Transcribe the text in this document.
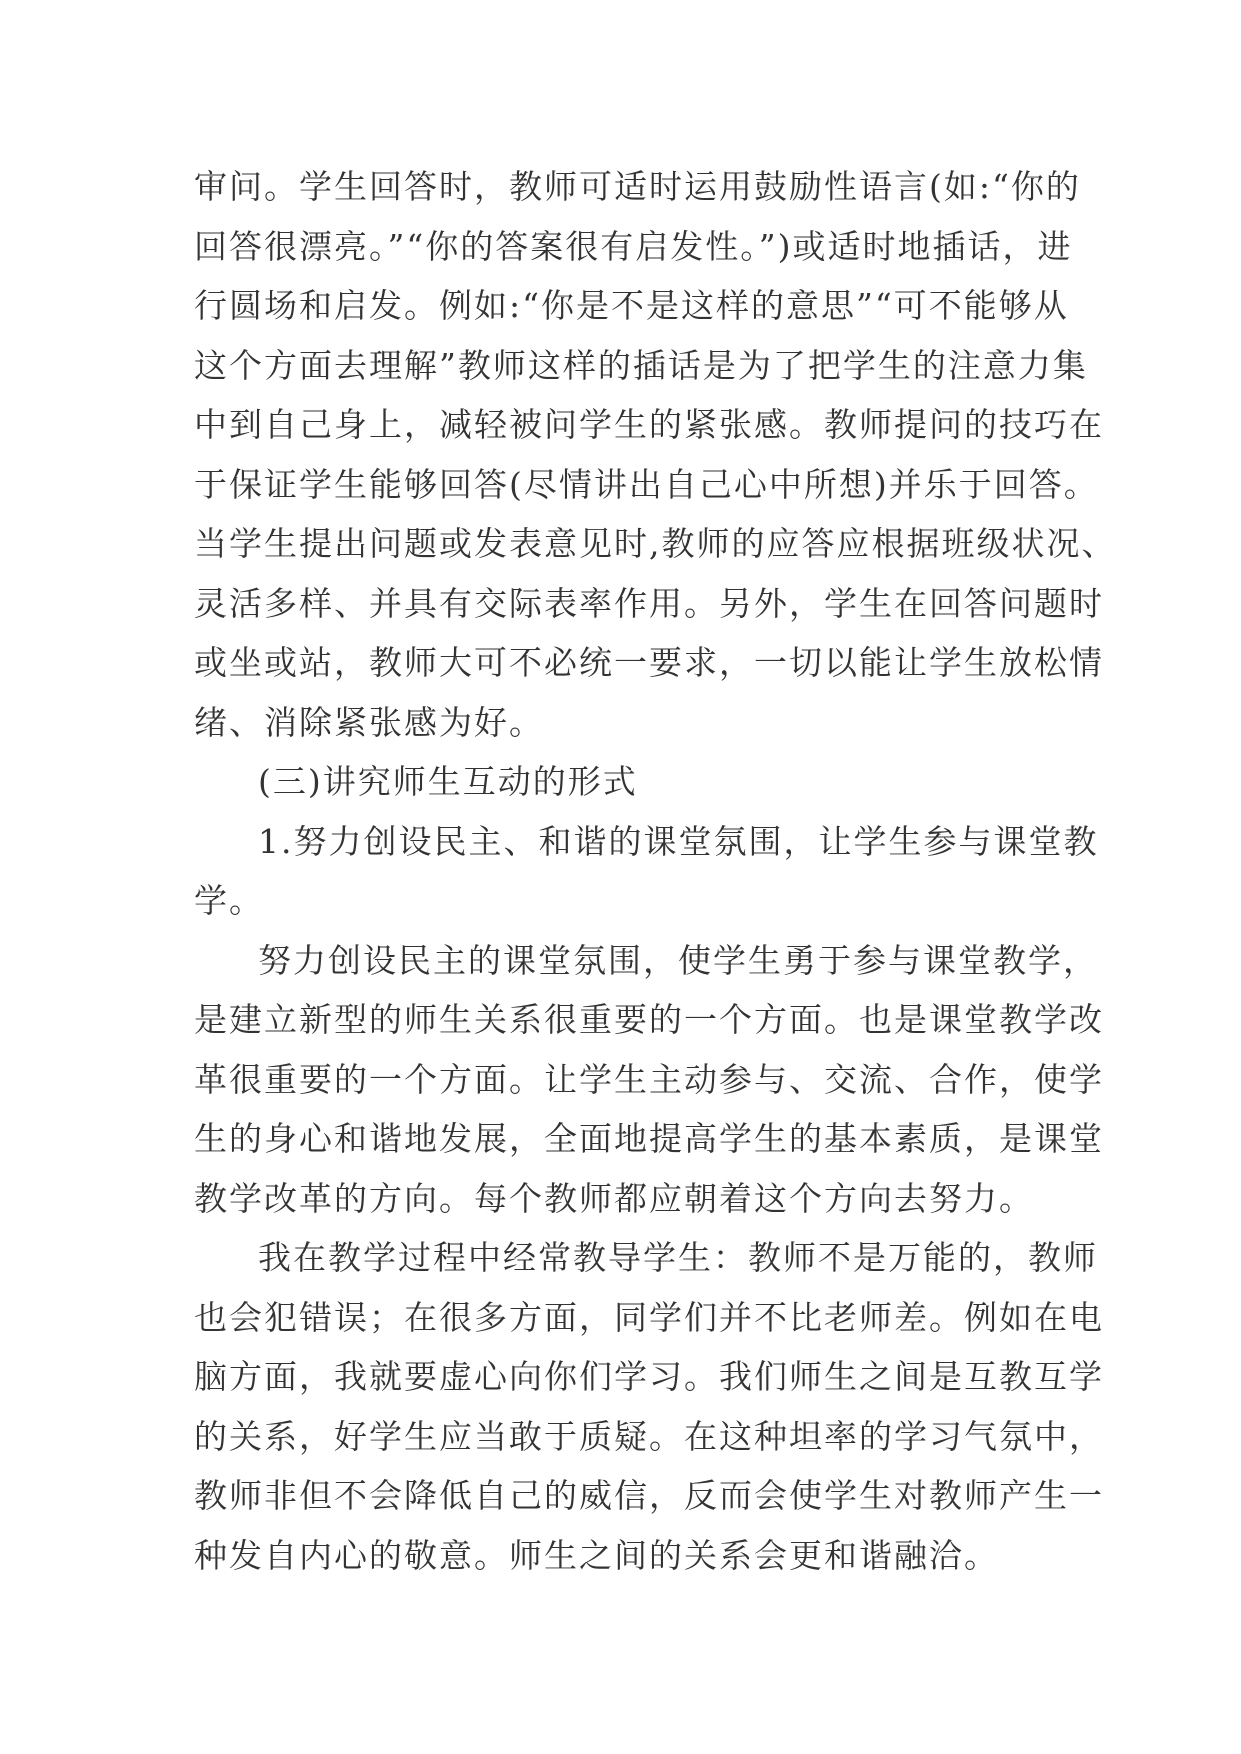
审问。学生回答时，教师可适时运用鼓励性语言(如:“你的
回答很漂亮。”“你的答案很有启发性。”)或适时地插话，进
行圆场和启发。例如:“你是不是这样的意思”“可不能够从
这个方面去理解”教师这样的插话是为了把学生的注意力集
中到自己身上，减轻被问学生的紧张感。教师提问的技巧在
于保证学生能够回答(尽情讲出自己心中所想)并乐于回答。
当学生提出问题或发表意见时,教师的应答应根据班级状况、
灵活多样、并具有交际表率作用。另外，学生在回答问题时
或坐或站，教师大可不必统一要求，一切以能让学生放松情
绪、消除紧张感为好。
(三)讲究师生互动的形式
1.努力创设民主、和谐的课堂氛围，让学生参与课堂教
学。
努力创设民主的课堂氛围，使学生勇于参与课堂教学，
是建立新型的师生关系很重要的一个方面。也是课堂教学改
革很重要的一个方面。让学生主动参与、交流、合作，使学
生的身心和谐地发展，全面地提高学生的基本素质，是课堂
教学改革的方向。每个教师都应朝着这个方向去努力。
我在教学过程中经常教导学生：教师不是万能的，教师
也会犯错误；在很多方面，同学们并不比老师差。例如在电
脑方面，我就要虚心向你们学习。我们师生之间是互教互学
的关系，好学生应当敢于质疑。在这种坦率的学习气氛中，
教师非但不会降低自己的威信，反而会使学生对教师产生一
种发自内心的敬意。师生之间的关系会更和谐融洽。
